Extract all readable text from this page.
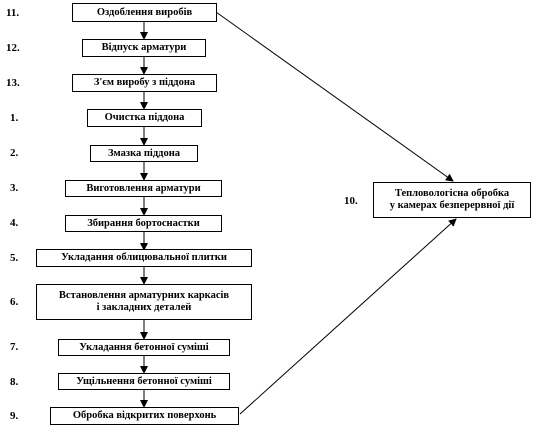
11.
12.
13.
1.
2.
3.
4.
5.
6.
7.
8.
9.
10.
Оздоблення виробів
Відпуск арматури
З'єм виробу з піддона
Очистка піддона
Змазка піддона
Виготовлення арматури
Збирання бортоснастки
Укладання облицювальної плитки
Встановлення арматурних каркасів
і закладних деталей
Укладання бетонної суміші
Ущільнення бетонної суміші
Обробка відкритих поверхонь
Тепловологісна обробка
у камерах безперервної дії
